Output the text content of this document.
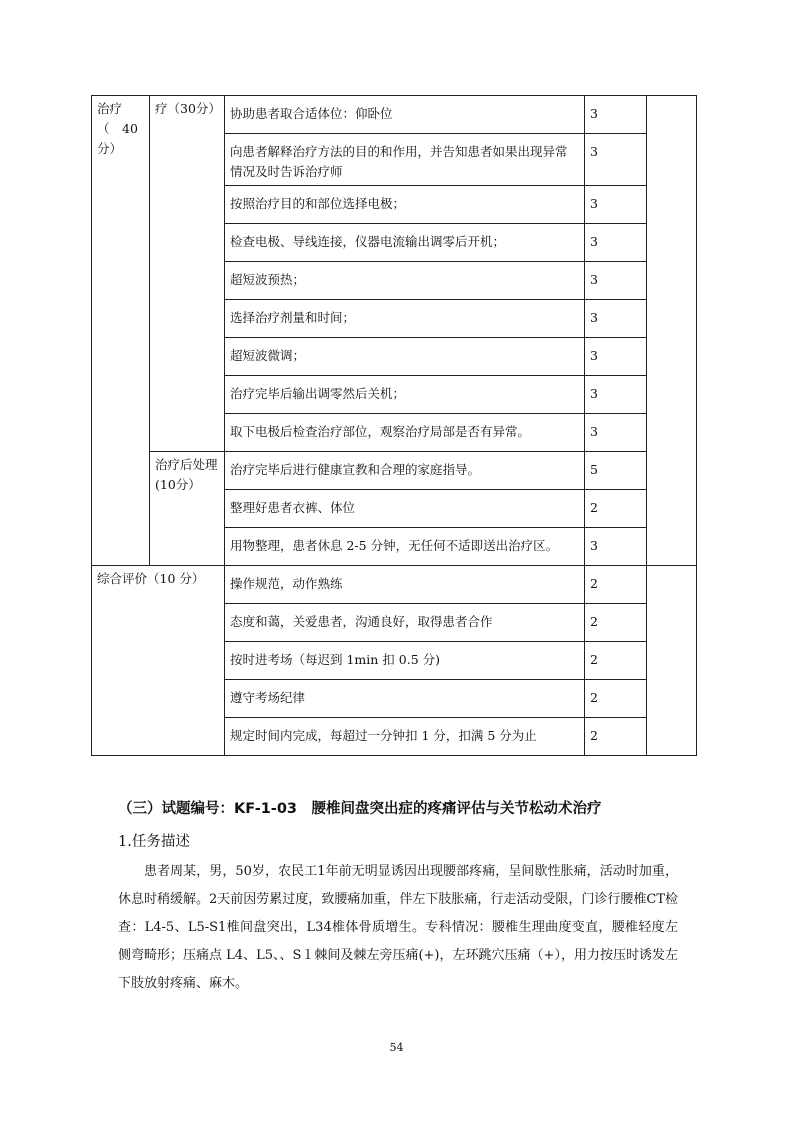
治疗
（　40
分）	疗（30分）	协助患者取合适体位：仰卧位	3	
		向患者解释治疗方法的目的和作用，并告知患者如果出现异常情况及时告诉治疗师	3	
		按照治疗目的和部位选择电极；	3	
		检查电极、导线连接，仪器电流输出调零后开机；	3	
		超短波预热；	3	
		选择治疗剂量和时间；	3	
		超短波微调；	3	
		治疗完毕后输出调零然后关机；	3	
		取下电极后检查治疗部位，观察治疗局部是否有异常。	3	
	治疗后处理(10分）	治疗完毕后进行健康宣教和合理的家庭指导。	5	
		整理好患者衣裤、体位	2	
		用物整理，患者休息 2-5 分钟，无任何不适即送出治疗区。	3	
综合评价（10 分）		操作规范，动作熟练	2	
		态度和蔼，关爱患者，沟通良好，取得患者合作	2	
		按时进考场（每迟到 1min 扣 0.5 分)	2	
		遵守考场纪律	2	
		规定时间内完成，每超过一分钟扣 1 分，扣满 5 分为止	2	
（三）试题编号：KF-1-03　腰椎间盘突出症的疼痛评估与关节松动术治疗
1.任务描述
患者周某，男，50岁，农民工1年前无明显诱因出现腰部疼痛，呈间歇性胀痛，活动时加重，休息时稍缓解。2天前因劳累过度，致腰痛加重，伴左下肢胀痛，行走活动受限，门诊行腰椎CT检查：L4-5、L5-S1椎间盘突出，L34椎体骨质增生。专科情况：腰椎生理曲度变直，腰椎轻度左侧弯畸形；压痛点 L4、L5、、S１棘间及棘左旁压痛(+)，左环跳穴压痛（+），用力按压时诱发左下肢放射疼痛、麻木。
54
